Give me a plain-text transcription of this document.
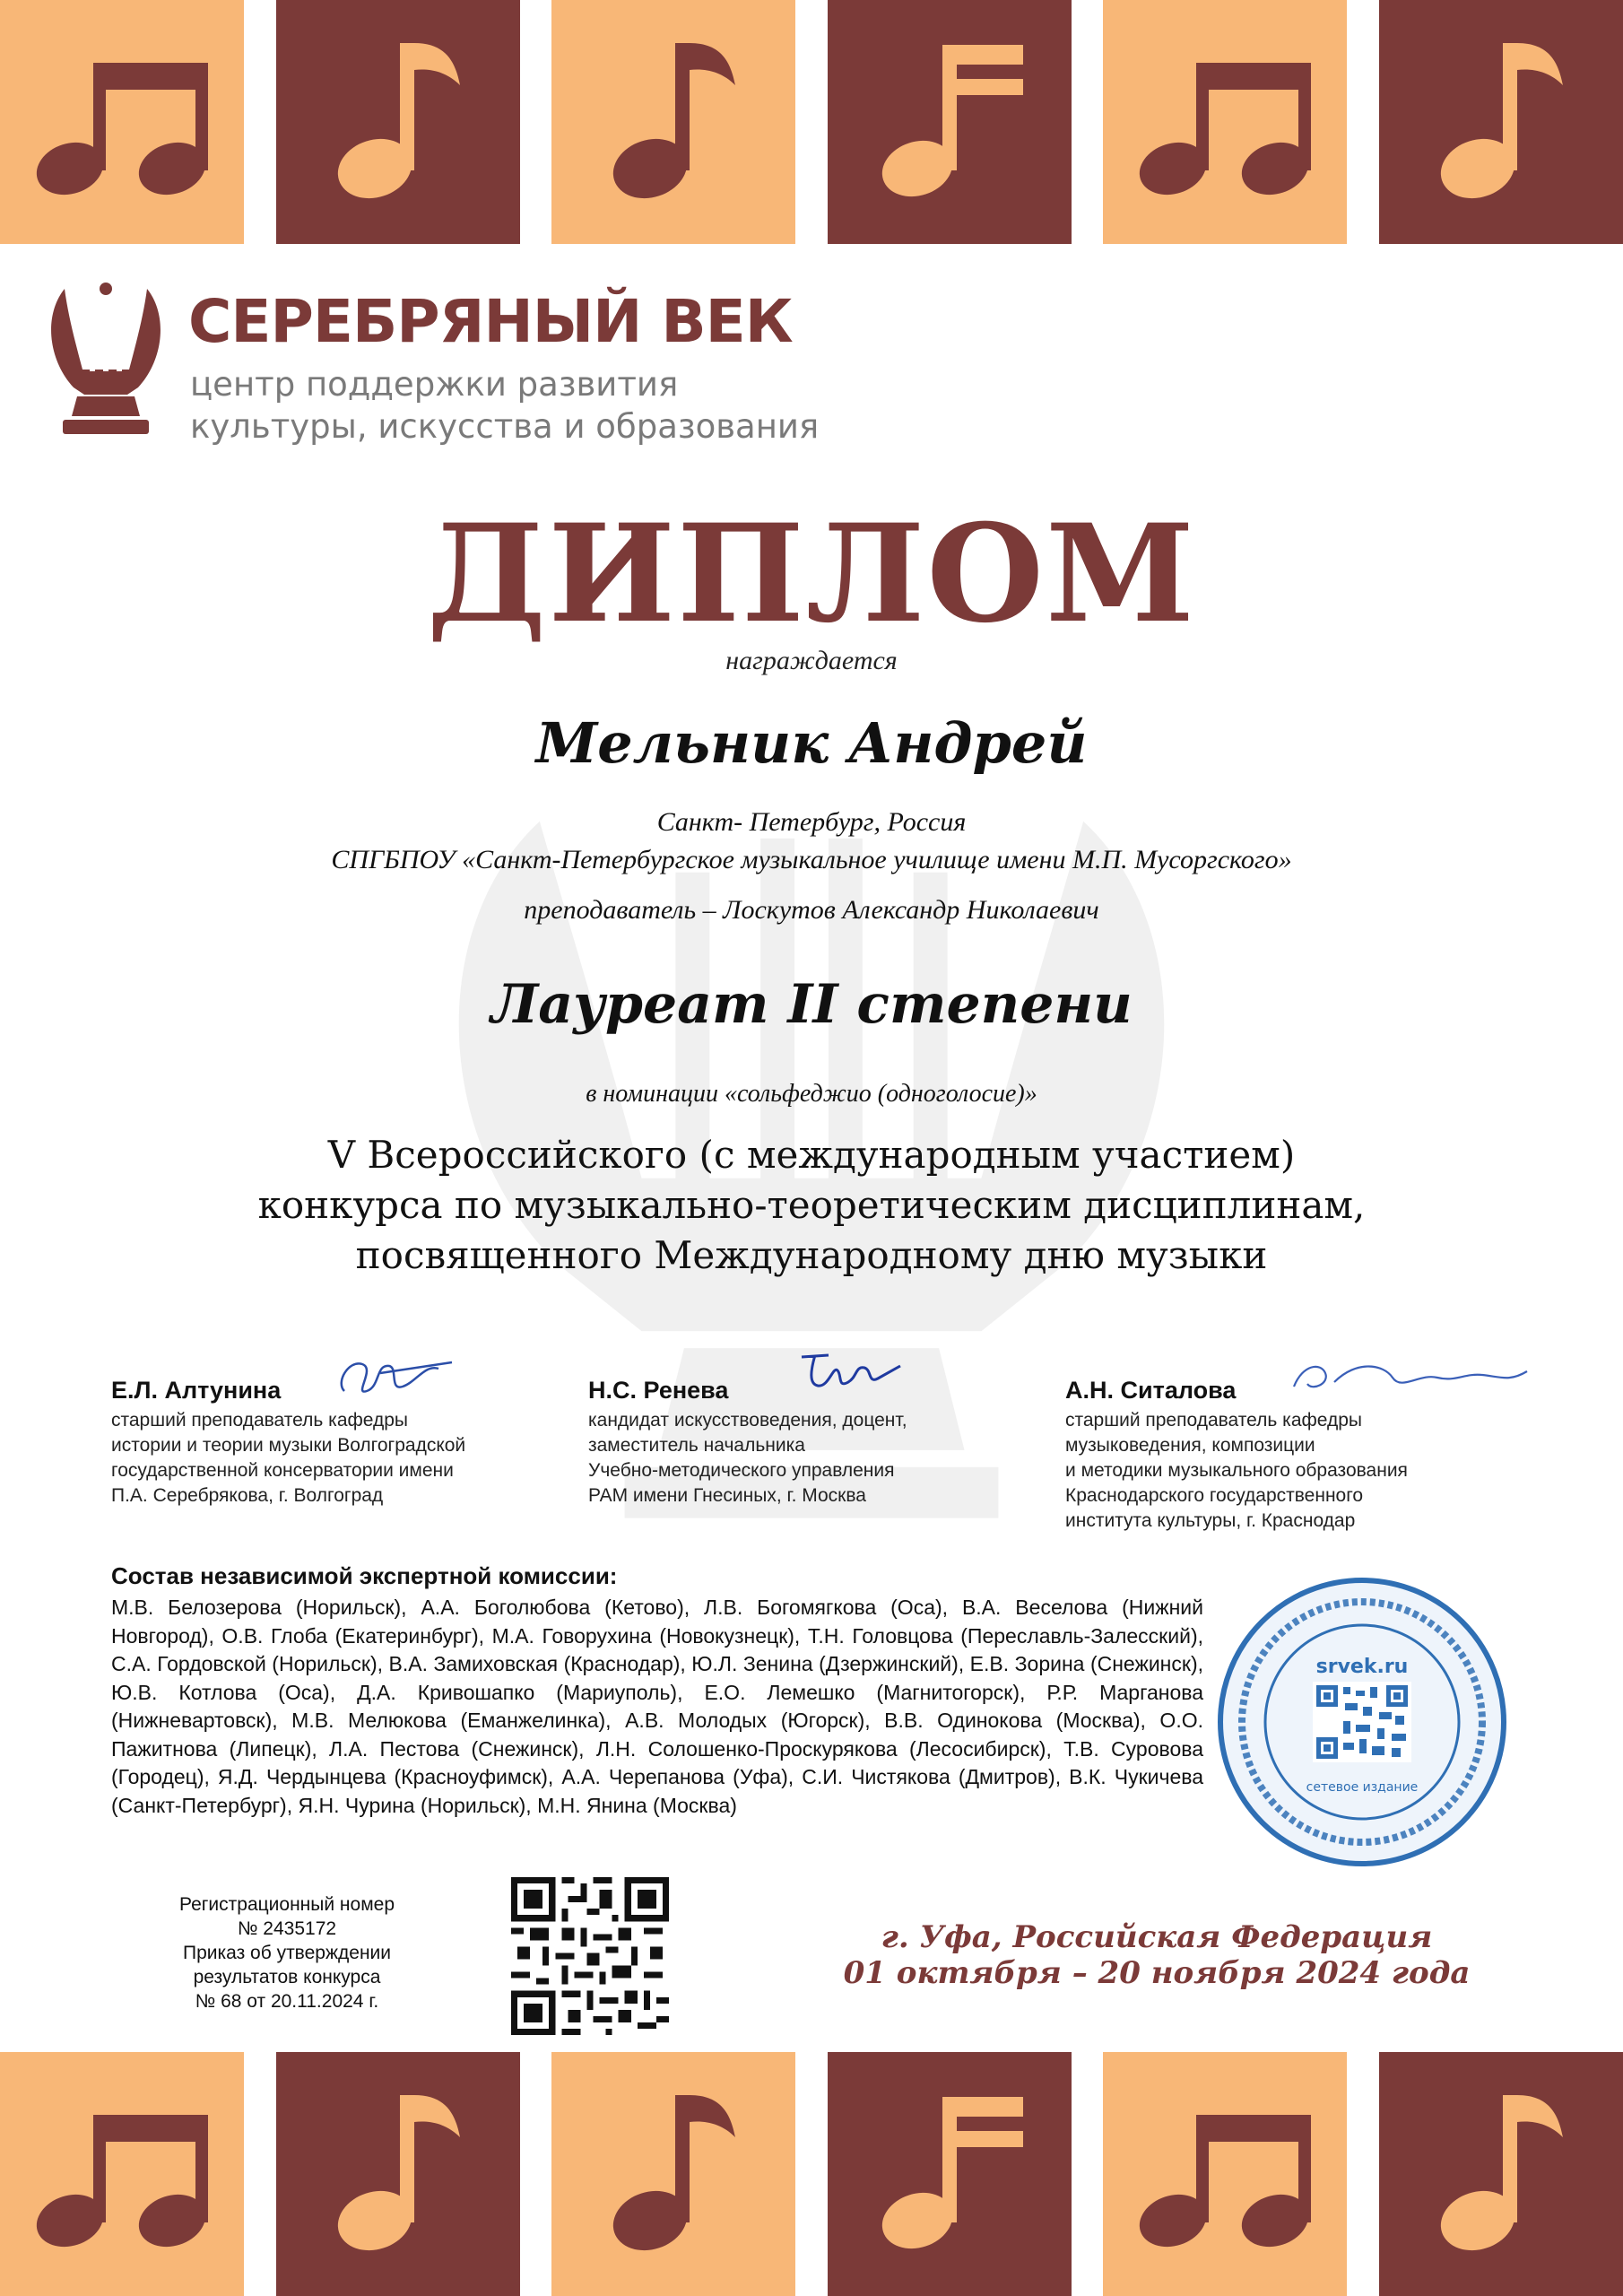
СЕРЕБРЯНЫЙ ВЕК
центр поддержки развития
культуры, искусства и образования
ДИПЛОМ
награждается
Мельник Андрей
Санкт- Петербург, Россия
СПГБПОУ «Санкт-Петербургское музыкальное училище имени М.П. Мусоргского»
преподаватель – Лоскутов Александр Николаевич
Лауреат II степени
в номинации «сольфеджио (одноголосие)»
V Всероссийского (с международным участием)
конкурса по музыкально-теоретическим дисциплинам,
посвященного Международному дню музыки
Е.Л. Алтунина
старший преподаватель кафедры
истории и теории музыки Волгоградской
государственной консерватории имени
П.А. Серебрякова, г. Волгоград
Н.С. Ренева
кандидат искусствоведения, доцент,
заместитель начальника
Учебно-методического управления
РАМ имени Гнесиных, г. Москва
А.Н. Ситалова
старший преподаватель кафедры
музыковедения, композиции
и методики музыкального образования
Краснодарского государственного
института культуры, г. Краснодар
Состав независимой экспертной комиссии:
М.В. Белозерова (Норильск), А.А. Боголюбова (Кетово), Л.В. Богомягкова (Оса), В.А. Веселова (Нижний Новгород), О.В. Глоба (Екатеринбург), М.А. Говорухина (Новокузнецк), Т.Н. Головцова (Переславль-Залесский), С.А. Гордовской (Норильск), В.А. Замиховская (Краснодар), Ю.Л. Зенина (Дзержинский), Е.В. Зорина (Снежинск), Ю.В. Котлова (Оса), Д.А. Кривошапко (Мариуполь), Е.О. Лемешко (Магнитогорск), Р.Р. Марганова (Нижневартовск), М.В. Мелюкова (Еманжелинка), А.В. Молодых (Югорск), В.В. Одинокова (Москва), О.О. Пажитнова (Липецк), Л.А. Пестова (Снежинск), Л.Н. Солошенко-Проскурякова (Лесосибирск), Т.В. Суровова (Городец), Я.Д. Чердынцева (Красноуфимск), А.А. Черепанова (Уфа), С.И. Чистякова (Дмитров), В.К. Чукичева (Санкт-Петербург), Я.Н. Чурина (Норильск), М.Н. Янина (Москва)
srvek.ru
сетевое издание
Регистрационный номер
№ 2435172
Приказ об утверждении
результатов конкурса
№ 68 от 20.11.2024 г.
г. Уфа, Российская Федерация
01 октября – 20 ноября 2024 года
